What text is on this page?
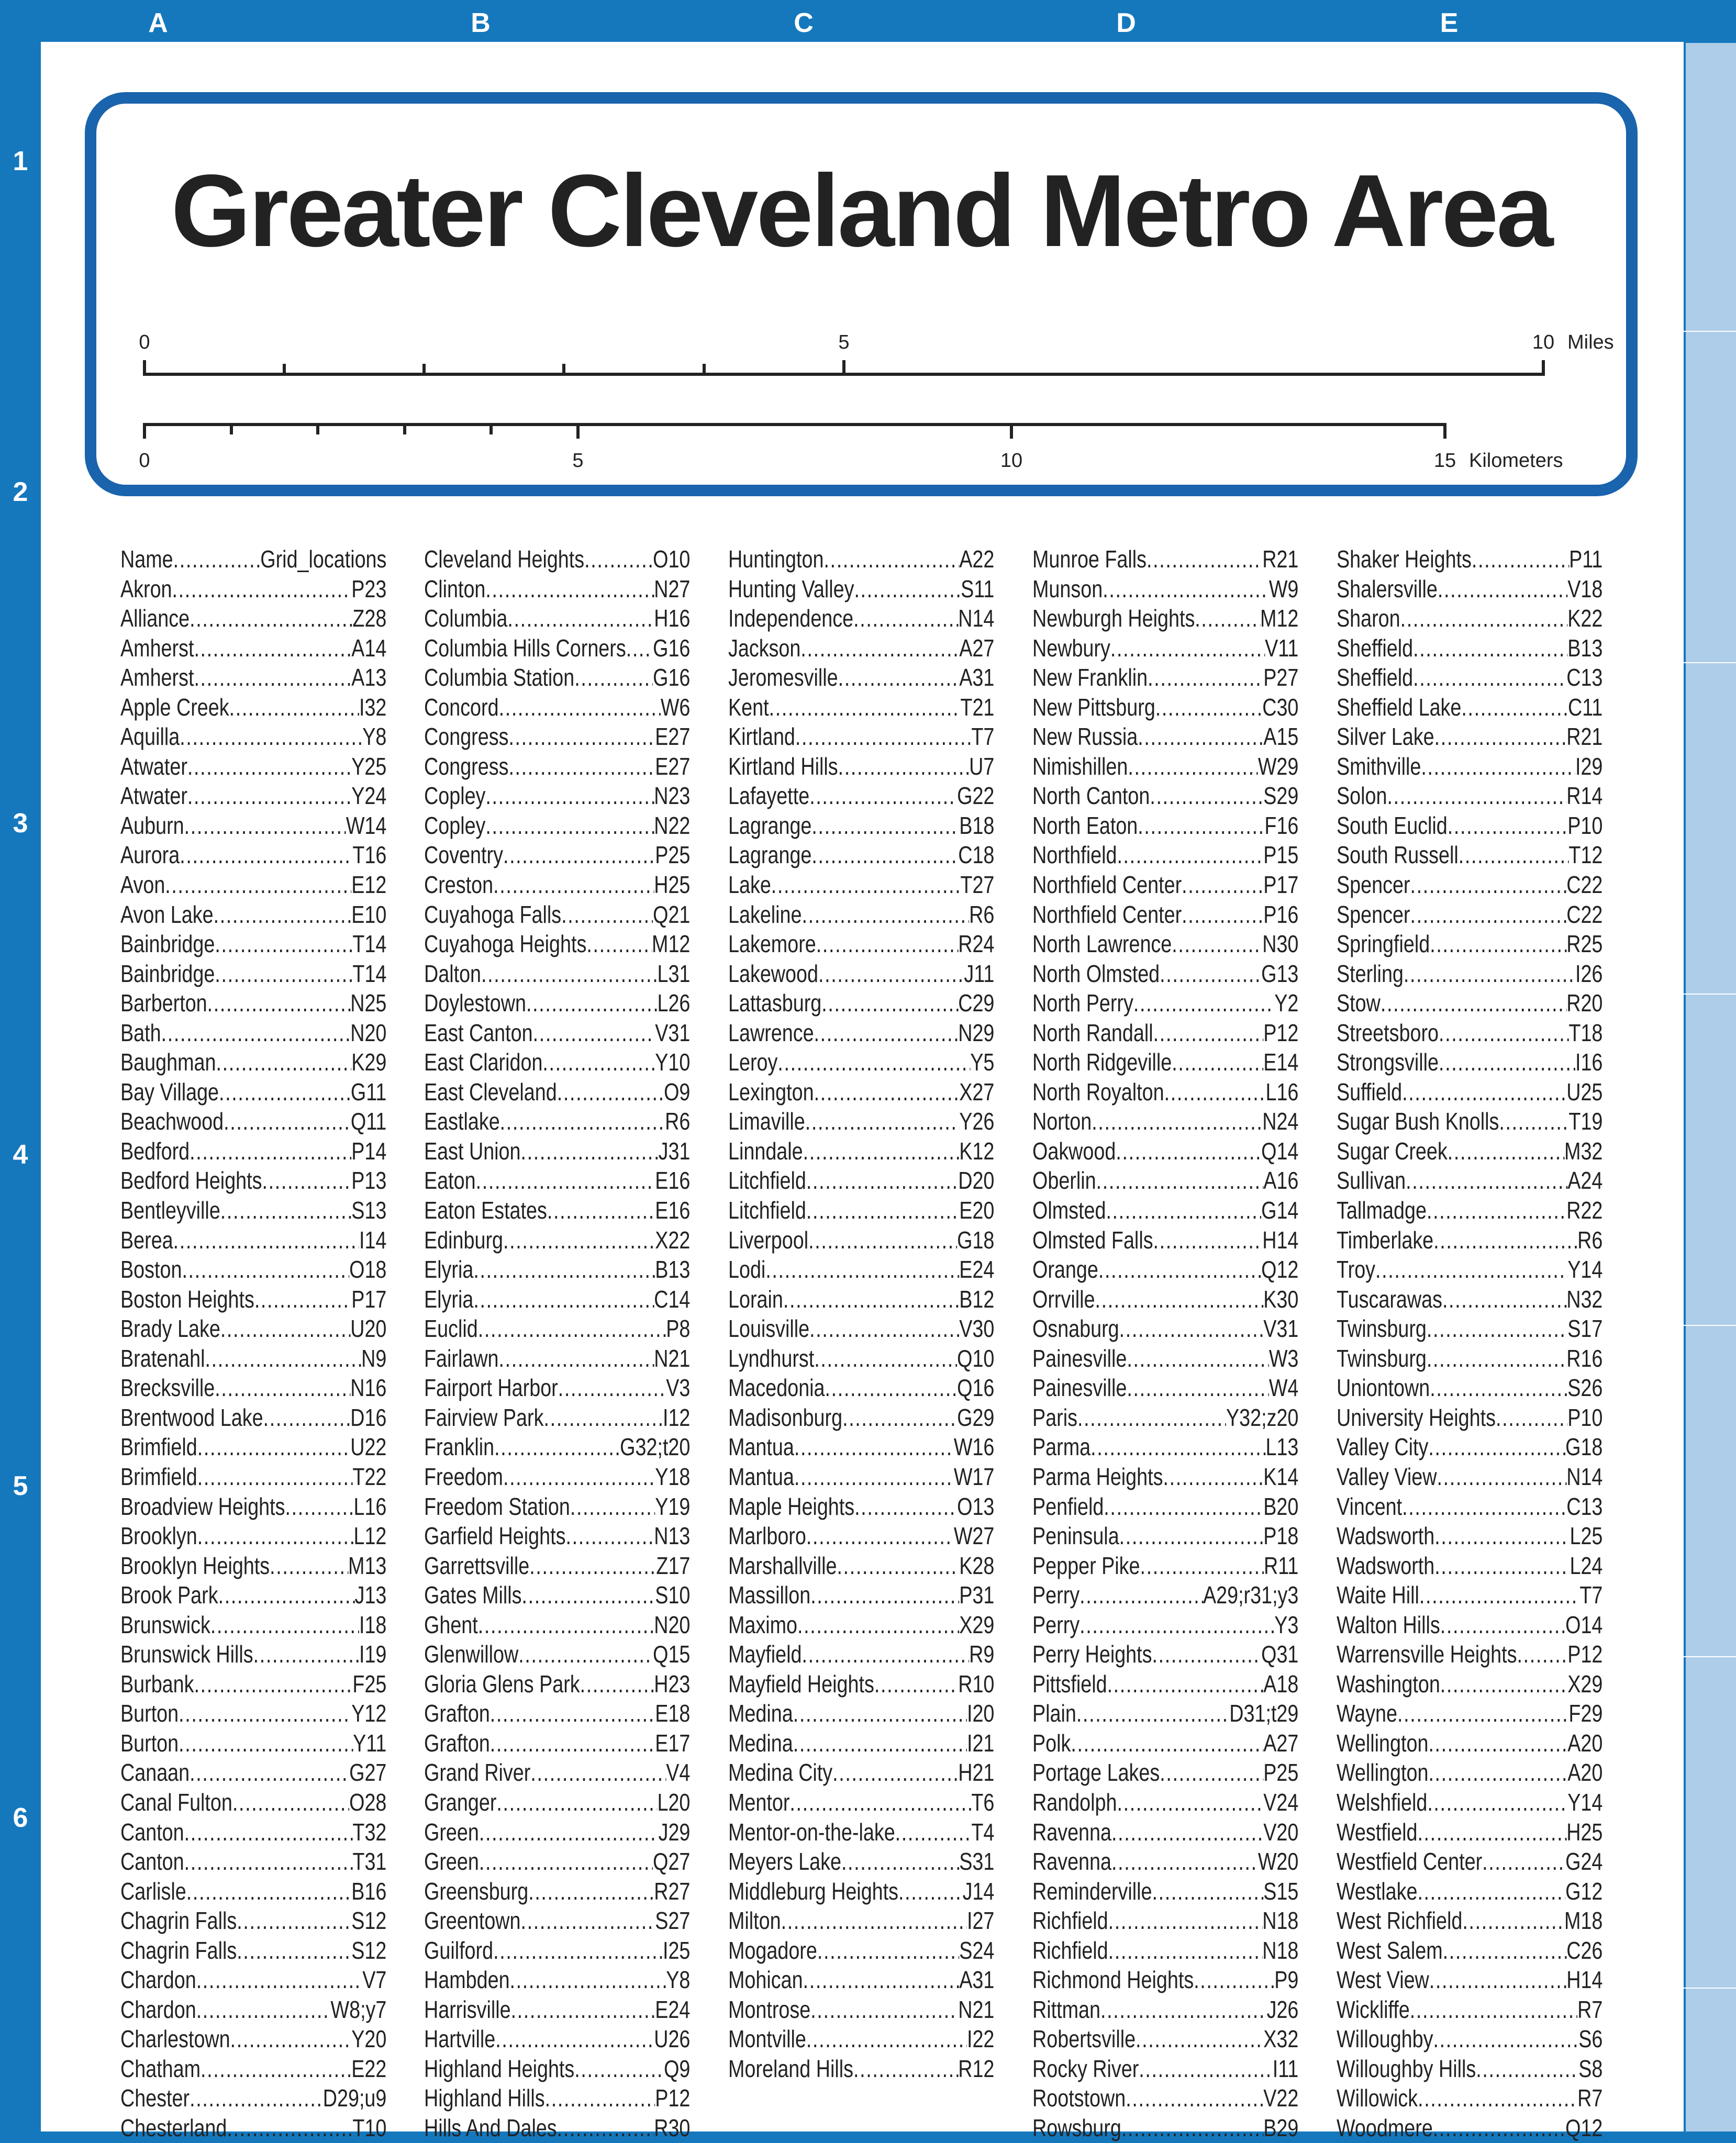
A	B	C	D	E
1
2
3
4
5
6
Greater Cleveland Metro Area
0	5	10 Miles
0	5	10	15 Kilometers
Name .....	Grid_locations
Akron .....	P23
Alliance .....	Z28
Amherst .....	A14
Amherst .....	A13
Apple Creek .....	I32
Aquilla .....	Y8
Atwater .....	Y25
Atwater .....	Y24
Auburn .....	W14
Aurora .....	T16
Avon .....	E12
Avon Lake .....	E10
Bainbridge .....	T14
Bainbridge .....	T14
Barberton .....	N25
Bath .....	N20
Baughman .....	K29
Bay Village .....	G11
Beachwood .....	Q11
Bedford .....	P14
Bedford Heights .....	P13
Bentleyville .....	S13
Berea .....	I14
Boston .....	O18
Boston Heights .....	P17
Brady Lake .....	U20
Bratenahl .....	N9
Brecksville .....	N16
Brentwood Lake .....	D16
Brimfield .....	U22
Brimfield .....	T22
Broadview Heights .....	L16
Brooklyn .....	L12
Brooklyn Heights .....	M13
Brook Park .....	J13
Brunswick .....	I18
Brunswick Hills .....	I19
Burbank .....	F25
Burton .....	Y12
Burton .....	Y11
Canaan .....	G27
Canal Fulton .....	O28
Canton .....	T32
Canton .....	T31
Carlisle .....	B16
Chagrin Falls .....	S12
Chagrin Falls .....	S12
Chardon .....	V7
Chardon .....	W8;y7
Charlestown .....	Y20
Chatham .....	E22
Chester .....	D29;u9
Chesterland .....	T10
Cleveland Heights .....	O10
Clinton .....	N27
Columbia .....	H16
Columbia Hills Corners ..... G16
Columbia Station .....	G16
Concord .....	W6
Congress .....	E27
Congress .....	E27
Copley .....	N23
Copley .....	N22
Coventry .....	P25
Creston .....	H25
Cuyahoga Falls .....	Q21
Cuyahoga Heights .....	M12
Dalton .....	L31
Doylestown .....	L26
East Canton .....	V31
East Claridon .....	Y10
East Cleveland .....	O9
Eastlake .....	R6
East Union .....	J31
Eaton .....	E16
Eaton Estates .....	E16
Edinburg .....	X22
Elyria .....	B13
Elyria .....	C14
Euclid .....	P8
Fairlawn .....	N21
Fairport Harbor .....	V3
Fairview Park .....	I12
Franklin .....	G32;t20
Freedom .....	Y18
Freedom Station .....	Y19
Garfield Heights .....	N13
Garrettsville .....	Z17
Gates Mills .....	S10
Ghent .....	N20
Glenwillow .....	Q15
Gloria Glens Park .....	H23
Grafton .....	E18
Grafton .....	E17
Grand River .....	V4
Granger .....	L20
Green .....	J29
Green .....	Q27
Greensburg .....	R27
Greentown .....	S27
Guilford .....	I25
Hambden .....	Y8
Harrisville .....	E24
Hartville .....	U26
Highland Heights .....	Q9
Highland Hills .....	P12
Hills And Dales .....	R30
Huntington .....	A22
Hunting Valley .....	S11
Independence .....	N14
Jackson .....	A27
Jeromesville .....	A31
Kent .....	T21
Kirtland .....	T7
Kirtland Hills .....	U7
Lafayette .....	G22
Lagrange .....	B18
Lagrange .....	C18
Lake .....	T27
Lakeline .....	R6
Lakemore .....	R24
Lakewood .....	J11
Lattasburg .....	C29
Lawrence .....	N29
Leroy .....	Y5
Lexington .....	X27
Limaville .....	Y26
Linndale .....	K12
Litchfield .....	D20
Litchfield .....	E20
Liverpool .....	G18
Lodi .....	E24
Lorain .....	B12
Louisville .....	V30
Lyndhurst .....	Q10
Macedonia .....	Q16
Madisonburg .....	G29
Mantua .....	W16
Mantua .....	W17
Maple Heights .....	O13
Marlboro .....	W27
Marshallville .....	K28
Massillon .....	P31
Maximo .....	X29
Mayfield .....	R9
Mayfield Heights .....	R10
Medina .....	I20
Medina .....	I21
Medina City .....	H21
Mentor .....	T6
Mentor-on-the-lake .....	T4
Meyers Lake .....	S31
Middleburg Heights .....	J14
Milton .....	I27
Mogadore .....	S24
Mohican .....	A31
Montrose .....	N21
Montville .....	I22
Moreland Hills .....	R12
Munroe Falls .....	R21
Munson .....	W9
Newburgh Heights .....	M12
Newbury .....	V11
New Franklin .....	P27
New Pittsburg .....	C30
New Russia .....	A15
Nimishillen .....	W29
North Canton .....	S29
North Eaton .....	F16
Northfield .....	P15
Northfield Center .....	P17
Northfield Center .....	P16
North Lawrence .....	N30
North Olmsted .....	G13
North Perry .....	Y2
North Randall .....	P12
North Ridgeville .....	E14
North Royalton .....	L16
Norton .....	N24
Oakwood .....	Q14
Oberlin .....	A16
Olmsted .....	G14
Olmsted Falls .....	H14
Orange .....	Q12
Orrville .....	K30
Osnaburg .....	V31
Painesville .....	W3
Painesville .....	W4
Paris .....	Y32;z20
Parma .....	L13
Parma Heights .....	K14
Penfield .....	B20
Peninsula .....	P18
Pepper Pike .....	R11
Perry .....	A29;r31;y3
Perry .....	Y3
Perry Heights .....	Q31
Pittsfield .....	A18
Plain .....	D31;t29
Polk .....	A27
Portage Lakes .....	P25
Randolph .....	V24
Ravenna .....	V20
Ravenna .....	W20
Reminderville .....	S15
Richfield .....	N18
Richfield .....	N18
Richmond Heights .....	P9
Rittman .....	J26
Robertsville .....	X32
Rocky River .....	I11
Rootstown .....	V22
Rowsburg .....	B29
Shaker Heights .....	P11
Shalersville .....	V18
Sharon .....	K22
Sheffield .....	B13
Sheffield .....	C13
Sheffield Lake .....	C11
Silver Lake .....	R21
Smithville .....	I29
Solon .....	R14
South Euclid .....	P10
South Russell .....	T12
Spencer .....	C22
Spencer .....	C22
Springfield .....	R25
Sterling .....	I26
Stow .....	R20
Streetsboro .....	T18
Strongsville .....	I16
Suffield .....	U25
Sugar Bush Knolls .....	T19
Sugar Creek .....	M32
Sullivan .....	A24
Tallmadge .....	R22
Timberlake .....	R6
Troy .....	Y14
Tuscarawas .....	N32
Twinsburg .....	S17
Twinsburg .....	R16
Uniontown .....	S26
University Heights .....	P10
Valley City .....	G18
Valley View .....	N14
Vincent .....	C13
Wadsworth .....	L25
Wadsworth .....	L24
Waite Hill .....	T7
Walton Hills .....	O14
Warrensville Heights ..... P12
Washington .....	X29
Wayne .....	F29
Wellington .....	A20
Wellington .....	A20
Welshfield .....	Y14
Westfield .....	H25
Westfield Center .....	G24
Westlake .....	G12
West Richfield .....	M18
West Salem .....	C26
West View .....	H14
Wickliffe .....	R7
Willoughby .....	S6
Willoughby Hills .....	S8
Willowick .....	R7
Woodmere .....	Q12
